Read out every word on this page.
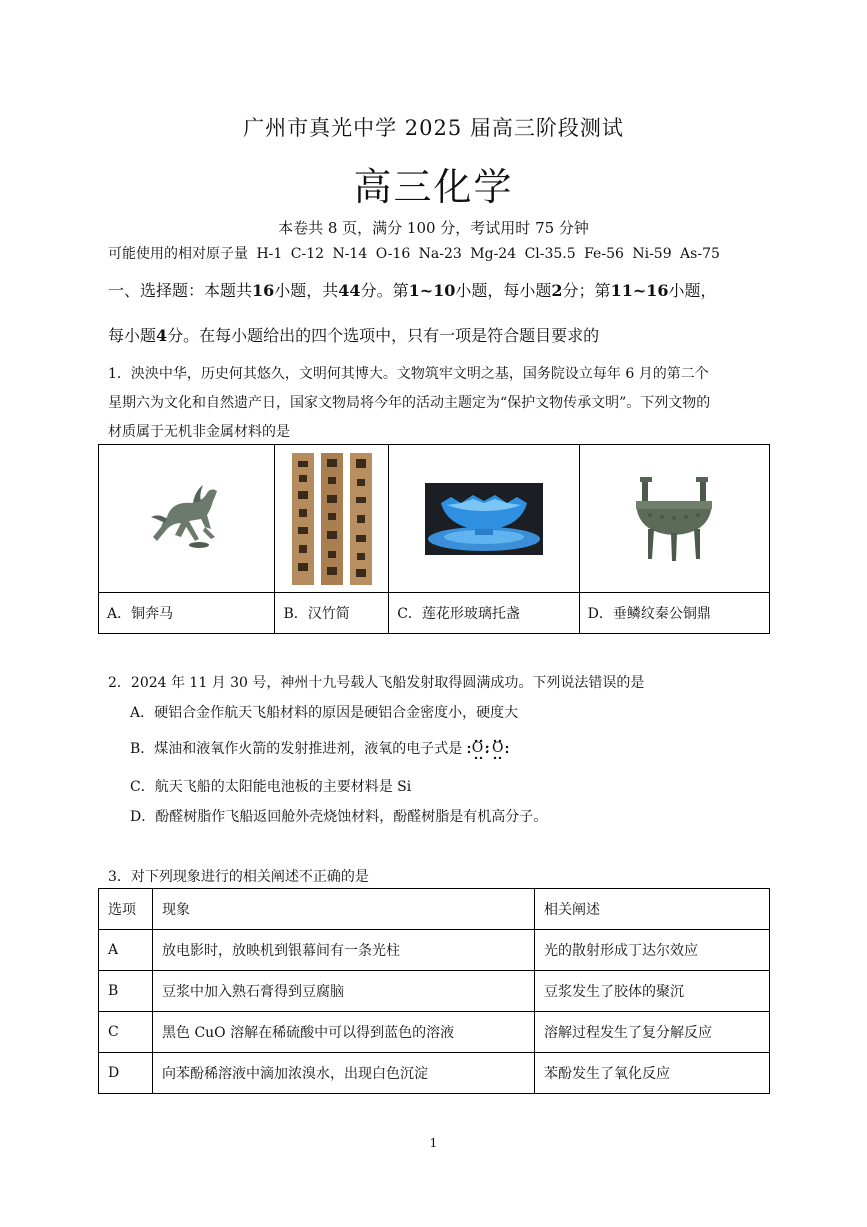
广州市真光中学 2025 届高三阶段测试
高三化学
本卷共 8 页，满分 100 分，考试用时 75 分钟
可能使用的相对原子量 H-1 C-12 N-14 O-16 Na-23 Mg-24 Cl-35.5 Fe-56 Ni-59 As-75
一、选择题：本题共16小题，共44分。第1~10小题，每小题2分；第11~16小题，
每小题4分。在每小题给出的四个选项中，只有一项是符合题目要求的
1．泱泱中华，历史何其悠久，文明何其博大。文物筑牢文明之基，国务院设立每年 6 月的第二个
星期六为文化和自然遗产日，国家文物局将今年的活动主题定为“保护文物传承文明”。下列文物的
材质属于无机非金属材料的是

A．铜奔马	B．汉竹简	C．莲花形玻璃托盏	D．垂鳞纹秦公铜鼎
2．2024 年 11 月 30 号，神州十九号载人飞船发射取得圆满成功。下列说法错误的是
A．硬铝合金作航天飞船材料的原因是硬铝合金密度小，硬度大
B．煤油和液氧作火箭的发射推进剂，液氧的电子式是 O:O
C．航天飞船的太阳能电池板的主要材料是 Si
D．酚醛树脂作飞船返回舱外壳烧蚀材料，酚醛树脂是有机高分子。
3．对下列现象进行的相关阐述不正确的是
选项	现象	相关阐述
A	放电影时，放映机到银幕间有一条光柱	光的散射形成丁达尔效应
B	豆浆中加入熟石膏得到豆腐脑	豆浆发生了胶体的聚沉
C	黑色 CuO 溶解在稀硫酸中可以得到蓝色的溶液	溶解过程发生了复分解反应
D	向苯酚稀溶液中滴加浓溴水，出现白色沉淀	苯酚发生了氧化反应
1
